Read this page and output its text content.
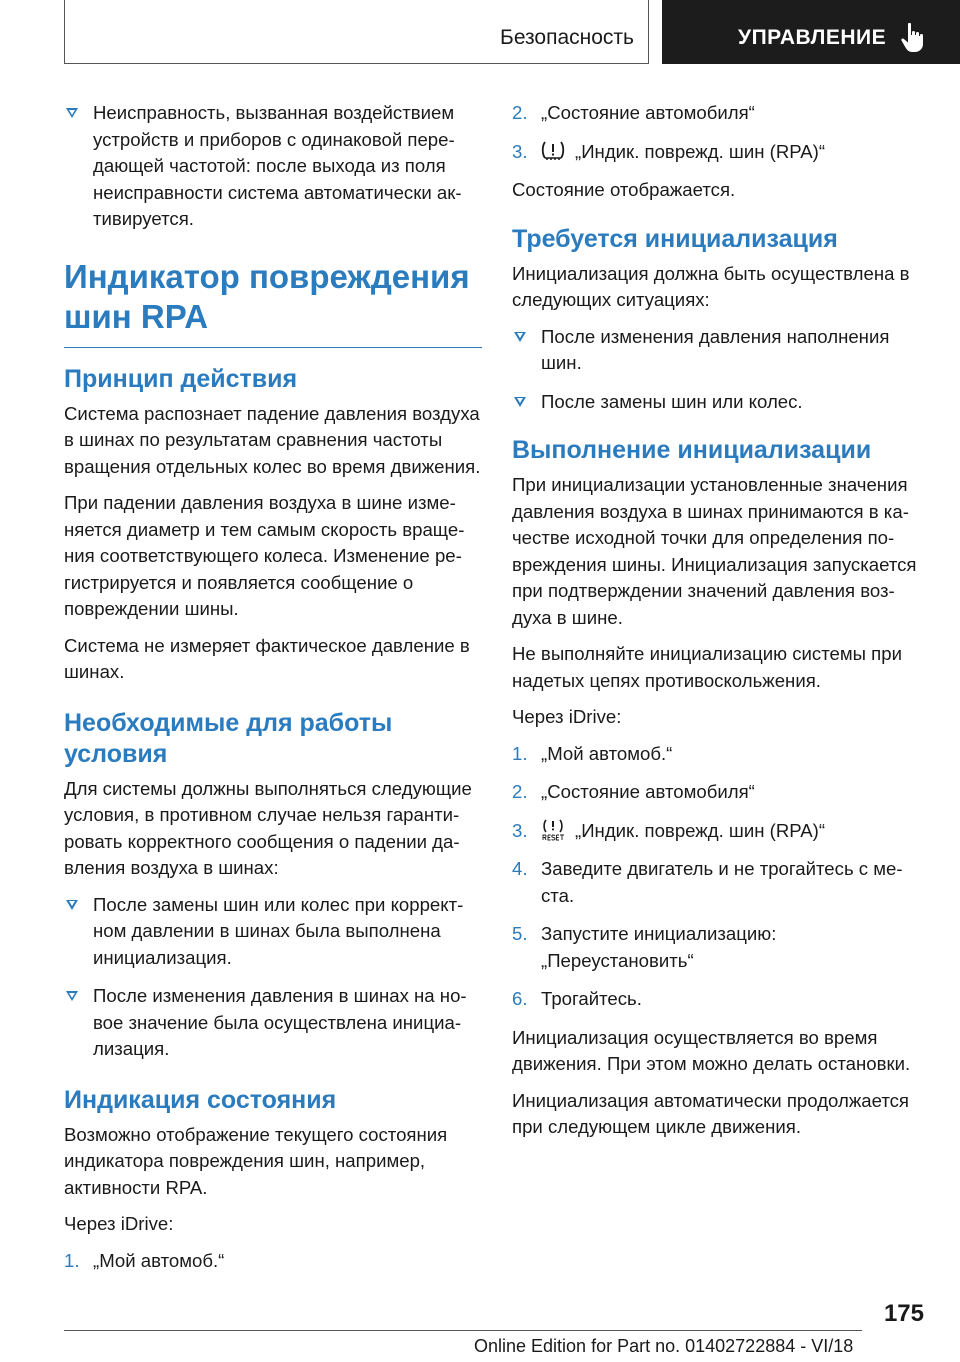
Безопасность	УПРАВЛЕНИЕ
Неисправность, вызванная воздействием устройств и приборов с одинаковой передающей частотой: после выхода из поля неисправности система автоматически активируется.
Индикатор повреждения шин RPA
Принцип действия

Система распознает падение давления воздуха в шинах по результатам сравнения частоты вращения отдельных колес во время движения.

При падении давления воздуха в шине изменяется диаметр и тем самым скорость вращения соответствующего колеса. Изменение регистрируется и появляется сообщение о повреждении шины.

Система не измеряет фактическое давление в шинах.

Необходимые для работы условия

Для системы должны выполняться следующие условия, в противном случае нельзя гарантировать корректного сообщения о падении давления воздуха в шинах:

После замены шин или колес при корректном давлении в шинах была выполнена инициализация.
После изменения давления в шинах на новое значение была осуществлена инициализация.
Индикация состояния

Возможно отображение текущего состояния индикатора повреждения шин, например, активности RPA.

Через iDrive:

1. „Мой автомоб.“
2. „Состояние автомобиля“
3.	„Индик. поврежд. шин (RPA)“

Состояние отображается.

Требуется инициализация

Инициализация должна быть осуществлена в следующих ситуациях:

После изменения давления наполнения шин.
После замены шин или колес.
Выполнение инициализации

При инициализации установленные значения давления воздуха в шинах принимаются в качестве исходной точки для определения повреждения шины. Инициализация запускается при подтверждении значений давления воздуха в шине.

Не выполняйте инициализацию системы при надетых цепях противоскольжения.

Через iDrive:

1. „Мой автомоб.“
2. „Состояние автомобиля“
3.	„Индик. поврежд. шин (RPA)“
4. Заведите двигатель и не трогайтесь с места.
5. Запустите инициализацию: „Переустановить“
6. Трогайтесь.

Инициализация осуществляется во время движения. При этом можно делать остановки.

Инициализация автоматически продолжается при следующем цикле движения.

175
Online Edition for Part no. 01402722884 - VI/18
